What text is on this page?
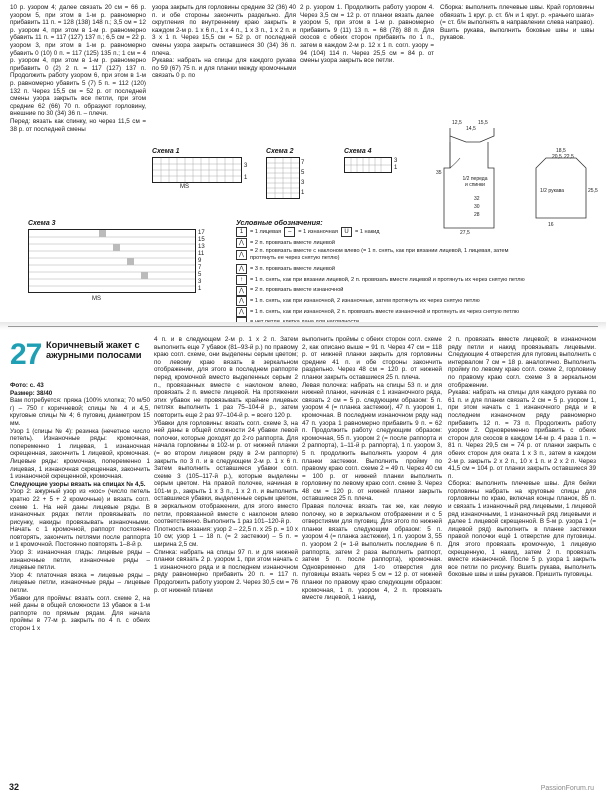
10 р. узором 4; далее связать 20 см = 66 р. узором 5, при этом в 1-м р. равномерно прибавить 11 п. = 128 (138) 148 п.; 3,5 см = 12 р. узором 4, при этом в 1-м р. равномерно убавить 11 п. = 117 (127) 137 п.; 6,5 см = 22 р. узором 3, при этом в 1-м р. равномерно убавить 0 (10) 0 п. = 117 (125) 135 п.; 1 см = 4 р. узором 4, при этом в 1-м р. равномерно прибавить 0 (2) 2 п. = 117 (127) 137 п. Продолжить работу узором 6, при этом в 1-м р. равномерно убавить 5 (7) 5 п. = 112 (120) 132 п. Через 15,5 см = 52 р. от последней смены узора закрыть все петли, при этом средние 62 (66) 70 п. образуют горловину, внешние по 30 (34) 36 п. – плечи.

Перед: вязать как спинку, но через 11,5 см = 38 р. от последней смены

узора закрыть для горловины средние 32 (36) 40 п. и обе стороны закончить раздельно. Для скругления по внутреннему краю закрыть в каждом 2-м р. 1 х 6 п., 1 х 4 п., 1 х 3 п., 1 х 2 п. и 3 х 1 п. Через 15,5 см = 52 р. от последней смены узора закрыть оставшиеся 30 (34) 36 п. плеча.

Рукава: набрать на спицы для каждого рукава по 59 (67) 75 п. и для планки между кромочными связать 0 р. по

2 р. узором 1. Продолжить работу узором 4. Через 3,5 см = 12 р. от планки вязать далее узором 5, при этом в 1-м р. равномерно прибавить 9 (11) 13 п. = 68 (78) 88 п. Для скосов с обеих сторон прибавить по 1 п., затем в каждом 2-м р. 12 х 1 п. согл. узору = 94 (104) 114 п. Через 25,5 см = 84 р. от смены узора закрыть все петли.

Сборка: выполнить плечевые швы. Край горловины обвязать 1 круг. р. ст. б/н и 1 круг. р. «рачьего шага» (= ст. б/н выполнять в направлении слева направо). Вшить рукава, выполнить боковые швы и швы рукавов.

12,5
14,5
15,5
1/2 переда и спинки
35
32
30
28
27,5
18,5
20,5 22,5
25,5
1/2 рукава
16
Схема 1
MS
3
1
Схема 2
7
5
3
1
Схема 4
3
1
Схема 3
MS
17
15
13
11
9
7
5
3
1
Условные обозначения:
1	= 1 лицевая
	–	= 1 изнаночная
	U	= 1 накид
⋀	= 2 п. провязать вместе лицевой
⋀
= 2 п. провязать вместе с наклоном влево (= 1 п. снять, как при вязании лицевой, 1 лицевая, затем протянуть ее через снятую петлю)
⋀	= 3 п. провязать вместе лицевой
↑	= 1 п. снять, как при вязании лицевой, 2 п. провязать вместе лицевой и протянуть их через снятую петлю
⋀	= 2 п. провязать вместе изнаночной
⋀	= 1 п. снять, как при изнаночной, 2 изнаночные, затем протянуть их через снятую петлю
⋀	= 1 п. снять, как при изнаночной, 2 п. провязать вместе изнаночной и протянуть их через снятую петлю
27 Коричневый жакет с ажурными полосами

Фото: с. 43

Размер: 38/40

Вам потребуется: пряжа (100% хлопка; 70 м/50 г) – 750 г коричневой; спицы № 4 и 4,5, круговые спицы № 4; 6 пуговиц диаметром 15 мм.

Узор 1 (спицы № 4): резинка (нечетное число петель). Изнаночные ряды: кромочная, попеременно 1 лицевая, 1 изнаночная скрещенная, закончить 1 лицевой, кромочная. Лицевые ряды: кромочная, попеременно 1 лицевая, 1 изнаночная скрещенная, закончить 1 изнаночной скрещенной, кромочная.

Следующие узоры вязать на спицах № 4,5.

Узор 2: ажурный узор из «кос» (число петель кратно 22 + 5 + 2 кромочные) и вязать согл. схеме 1. На ней даны лицевые ряды. В изнаночных рядах петли провязывать по рисунку, накиды провязывать изнаночными. Начать с 1 кромочной, раппорт постоянно повторять, закончить петлями после раппорта и 1 кромочной. Постоянно повторять 1–8-й р.

Узор 3: изнаночная гладь: лицевые ряды – изнаночные петли, изнаночные ряды – лицевые петли.

Узор 4: платочная вязка = лицевые ряды – лицевые петли, изнаночные ряды – лицевые петли.

Убавки для проймы: вязать согл. схеме 2, на ней даны в общей сложности 13 убавок в 1-м раппорте по прямым рядам. Для начала проймы в 77-м р. закрыть по 4 п. с обеих сторон 1 х

4 п. и в следующем 2-м р. 1 х 2 п. Затем выполнить еще 7 убавок (81–93-й р.) по правому краю согл. схеме, они выделены серым цветом; по левому краю вязать в зеркальном отображении, для этого в последнем раппорте перед кромочной вместо выделенных серым 2 п., провязанных вместе с наклоном влево, провязать 2 п. вместе лицевой. На протяжении этих убавок не провязывать крайние лицевых петлях выполнить 1 раз 75–104-й р., затем повторить еще 2 раз 97–104-й р. = всего 120 р.

Убавки для горловины: вязать согл. схеме 3, на ней даны в общей сложности 24 убавки левой полочки, которые доходят до 2-го раппорта. Для начала горловины в 102-м р. от нижней планки (= во втором лицевом ряду в 2-м раппорте) закрыть по 3 п. и в следующем 2-м р. 1 х 6 п. Затем выполнить оставшиеся убавки согл. схеме 3 (105–117-й р.), которые выделены серым цветом. На правой полочке, начиная в 101-м р., закрыть 1 х 3 п., 1 х 2 п. и выполнить оставшиеся убавки, выделенные серым цветом, в зеркальном отображении, для этого вместо петли, провязанной вместе с наклоном влево соответственно. Выполнить 1 раз 101–120-й р.

Плотность вязания: узор 2 – 22,5 п. х 25 р. = 10 х 10 см; узор 1 – 18 п. (= 2 застежки) – 5 п. = ширина 2,5 см.

Спинка: набрать на спицы 97 п. и для нижней планки связать 2 р. узором 1, при этом начать с 1 изнаночного ряда и в последнем изнаночном ряду равномерно прибавить 20 п. = 117 п. Продолжить работу узором 2. Через 30,5 см = 76 р. от нижней планки

выполнить проймы с обеих сторон согл. схеме 2, как описано выше = 91 п. Через 47 см = 118 р. от нижней планки закрыть для горловины средние 41 п. и обе стороны закончить раздельно. Через 48 см = 120 р. от нижней планки закрыть оставшиеся 25 п. плеча.

Левая полочка: набрать на спицы 53 п. и для нижней планки, начиная с 1 изнаночного ряда, связать 2 см = 5 р. следующим образом: 5 п. узором 4 (= планка застежки), 47 п. узором 1, кромочная. В последнем изнаночном ряду над 47 п. узора 1 равномерно прибавить 9 п. = 62 п. Продолжить работу следующим образом: кромочная, 55 п. узором 2 (= после раппорта и 2 раппорта), 1–11-й р. раппорта), 1 п. узором 3, 5 п. продолжить выполнять узором 4 для планки застежки. Выполнить пройму по правому краю согл. схеме 2 = 49 п. Через 40 см = 100 р. от нижней планки выполнить горловину по левому краю согл. схеме 3. Через 48 см = 120 р. от нижней планки закрыть оставшиеся 25 п. плеча.

Правая полочка: вязать так же, как левую полочку, но в зеркальном отображении и с 5 отверстиями для пуговиц. Для этого по нижней планки вязать следующим образом: 5 п. узором 4 (= планка застежки), 1 п. узором 3, 55 п. узором 2 (= 1-й выполнить последние 6 п. раппорта, затем 2 раза выполнить раппорт, затем 5 п. после раппорта), кромочная. Одновременно для 1-го отверстия для пуговицы вязать через 5 см = 12 р. от нижней планки по правому краю следующим образом: кромочная, 1 п. узором 4, 2 п. провязать вместе лицевой, 1 накид,

2 п. провязать вместе лицевой; в изнаночном ряду петли и накид провязывать лицевыми. Следующие 4 отверстия для пуговиц выполнить с интервалом 7 см = 18 р. аналогично. Выполнить пройму по левому краю согл. схеме 2, горловину по правому краю согл. схеме 3 в зеркальном отображении.

Рукава: набрать на спицы для каждого рукава по 61 п. и для планки связать 2 см = 5 р. узором 1, при этом начать с 1 изнаночного ряда и в последнем изнаночном ряду равномерно прибавить 12 п. = 73 п. Продолжить работу узором 2. Одновременно прибавить с обеих сторон для скосов в каждом 14-м р. 4 раза 1 п. = 81 п. Через 29,5 см = 74 р. от планки закрыть с обеих сторон для оката 1 х 3 п., затем в каждом 2-м р. закрыть 2 х 2 п., 10 х 1 п. и 2 х 2 п. Через 41,5 см = 104 р. от планки закрыть оставшиеся 39 п.

Сборка: выполнить плечевые швы. Для бейки горловины набрать на круговые спицы для горловины по краю, включая концы планок, 85 п. и связать 1 изнаночный ряд лицевыми, 1 лицевой ряд изнаночными, 1 изнаночный ряд лицевыми и далее 1 лицевой скрещенной. В 5-м р. узора 1 (= лицевой ряд) выполнить в планке застежки правой полочки ещё 1 отверстие для пуговицы. Для этого провязать кромочную, 1 лицевую скрещенную, 1 накид, затем 2 п. провязать вместе изнаночной. После 5 р. узора 1 закрыть все петли по рисунку. Вшить рукава, выполнить боковые швы и швы рукавов. Пришить пуговицы.

32	PassionForum.ru
